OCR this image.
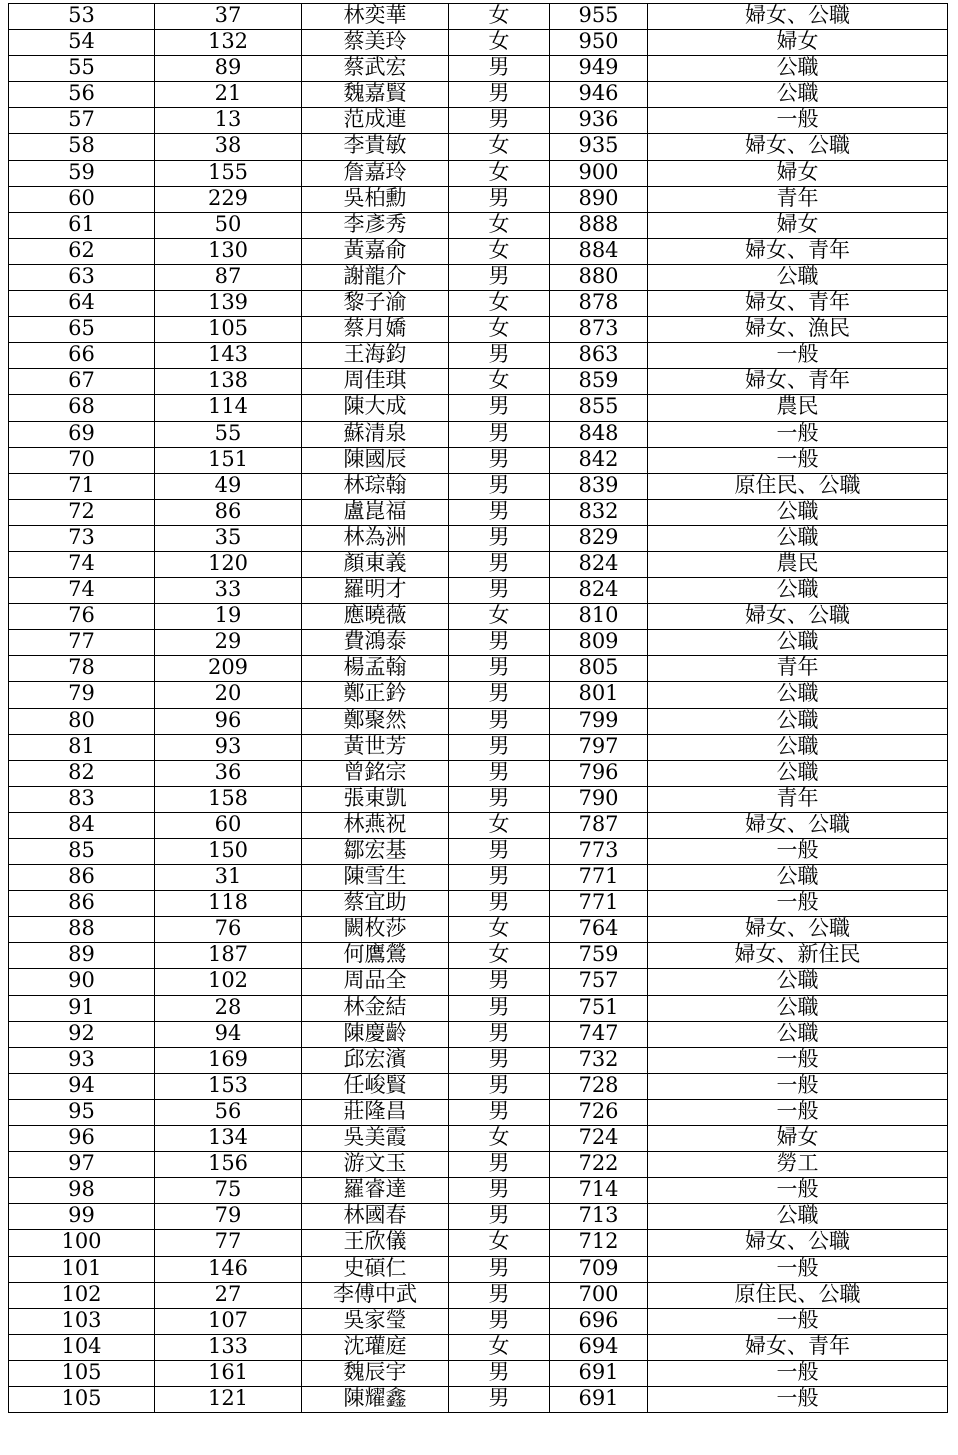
53	37	林奕華	女	955	婦女、公職
54	132	蔡美玲	女	950	婦女
55	89	蔡武宏	男	949	公職
56	21	魏嘉賢	男	946	公職
57	13	范成連	男	936	一般
58	38	李貴敏	女	935	婦女、公職
59	155	詹嘉玲	女	900	婦女
60	229	吳柏勳	男	890	青年
61	50	李彥秀	女	888	婦女
62	130	黃嘉俞	女	884	婦女、青年
63	87	謝龍介	男	880	公職
64	139	黎子渝	女	878	婦女、青年
65	105	蔡月嬌	女	873	婦女、漁民
66	143	王海鈞	男	863	一般
67	138	周佳琪	女	859	婦女、青年
68	114	陳大成	男	855	農民
69	55	蘇清泉	男	848	一般
70	151	陳國辰	男	842	一般
71	49	林琮翰	男	839	原住民、公職
72	86	盧崑福	男	832	公職
73	35	林為洲	男	829	公職
74	120	顏東義	男	824	農民
74	33	羅明才	男	824	公職
76	19	應曉薇	女	810	婦女、公職
77	29	費鴻泰	男	809	公職
78	209	楊孟翰	男	805	青年
79	20	鄭正鈐	男	801	公職
80	96	鄭聚然	男	799	公職
81	93	黃世芳	男	797	公職
82	36	曾銘宗	男	796	公職
83	158	張東凱	男	790	青年
84	60	林燕祝	女	787	婦女、公職
85	150	鄒宏基	男	773	一般
86	31	陳雪生	男	771	公職
86	118	蔡宜助	男	771	一般
88	76	闕枚莎	女	764	婦女、公職
89	187	何鷹鶯	女	759	婦女、新住民
90	102	周品全	男	757	公職
91	28	林金結	男	751	公職
92	94	陳慶齡	男	747	公職
93	169	邱宏濱	男	732	一般
94	153	任峻賢	男	728	一般
95	56	莊隆昌	男	726	一般
96	134	吳美霞	女	724	婦女
97	156	游文玉	男	722	勞工
98	75	羅睿達	男	714	一般
99	79	林國春	男	713	公職
100	77	王欣儀	女	712	婦女、公職
101	146	史碩仁	男	709	一般
102	27	李傅中武	男	700	原住民、公職
103	107	吳家瑩	男	696	一般
104	133	沈瓘庭	女	694	婦女、青年
105	161	魏辰宇	男	691	一般
105	121	陳耀鑫	男	691	一般
